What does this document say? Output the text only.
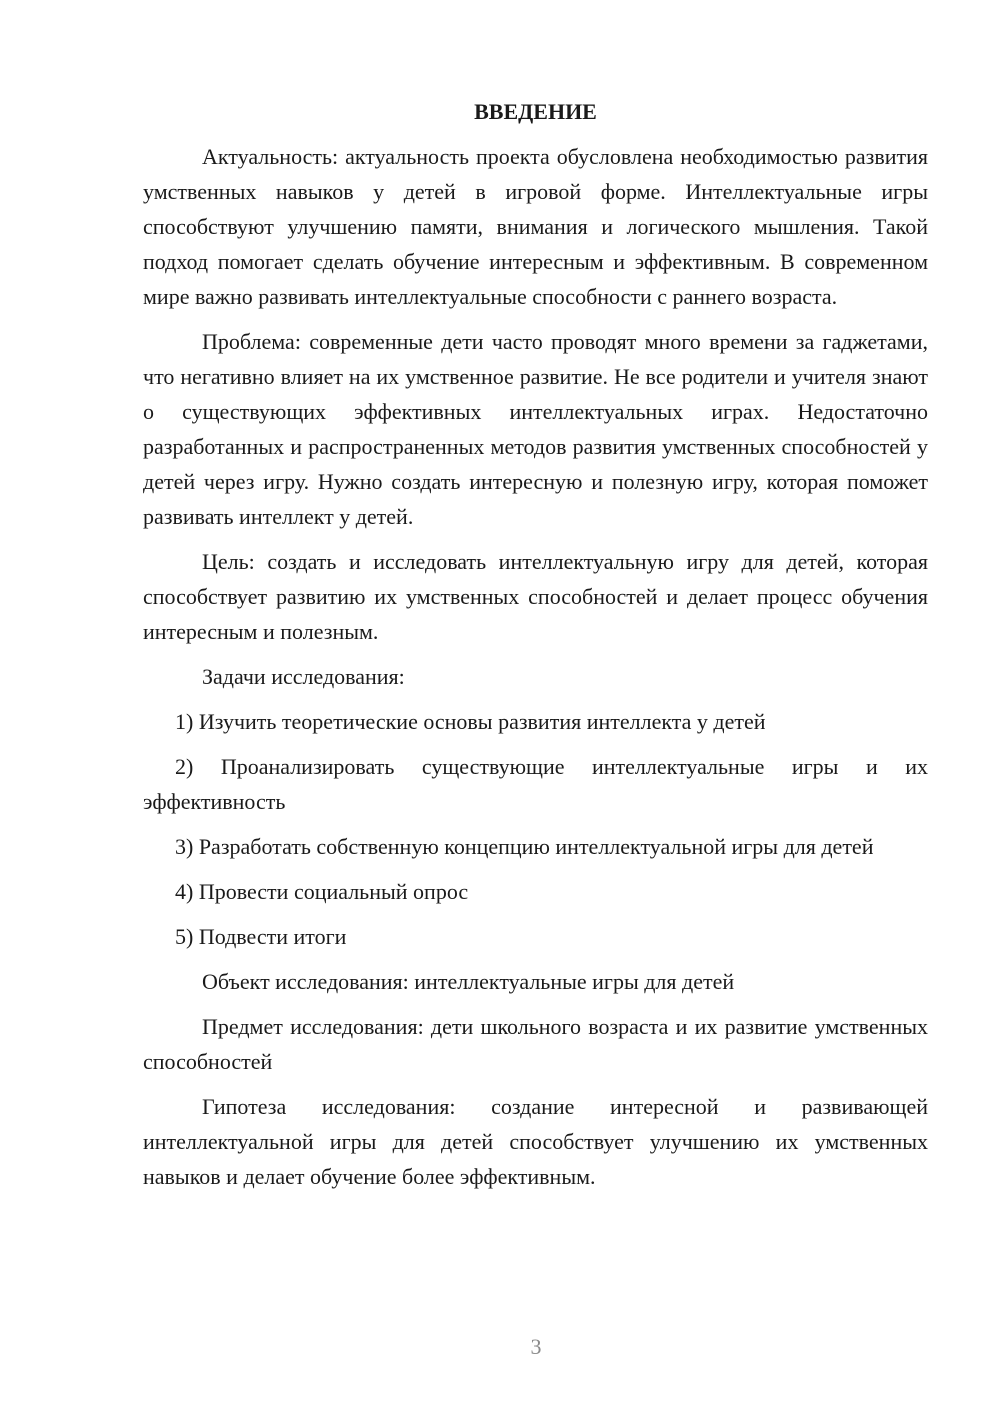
ВВЕДЕНИЕ

Актуальность: актуальность проекта обусловлена необходимостью развития умственных навыков у детей в игровой форме. Интеллектуальные игры способствуют улучшению памяти, внимания и логического мышления. Такой подход помогает сделать обучение интересным и эффективным. В современном мире важно развивать интеллектуальные способности с раннего возраста.

Проблема: современные дети часто проводят много времени за гаджетами, что негативно влияет на их умственное развитие. Не все родители и учителя знают о существующих эффективных интеллектуальных играх. Недостаточно разработанных и распространенных методов развития умственных способностей у детей через игру. Нужно создать интересную и полезную игру, которая поможет развивать интеллект у детей.

Цель: создать и исследовать интеллектуальную игру для детей, которая способствует развитию их умственных способностей и делает процесс обучения интересным и полезным.

Задачи исследования:

1) Изучить теоретические основы развития интеллекта у детей

2) Проанализировать существующие интеллектуальные игры и их эффективность

3) Разработать собственную концепцию интеллектуальной игры для детей

4) Провести социальный опрос

5) Подвести итоги

Объект исследования: интеллектуальные игры для детей

Предмет исследования: дети школьного возраста и их развитие умственных способностей

Гипотеза исследования: создание интересной и развивающей интеллектуальной игры для детей способствует улучшению их умственных навыков и делает обучение более эффективным.

3
